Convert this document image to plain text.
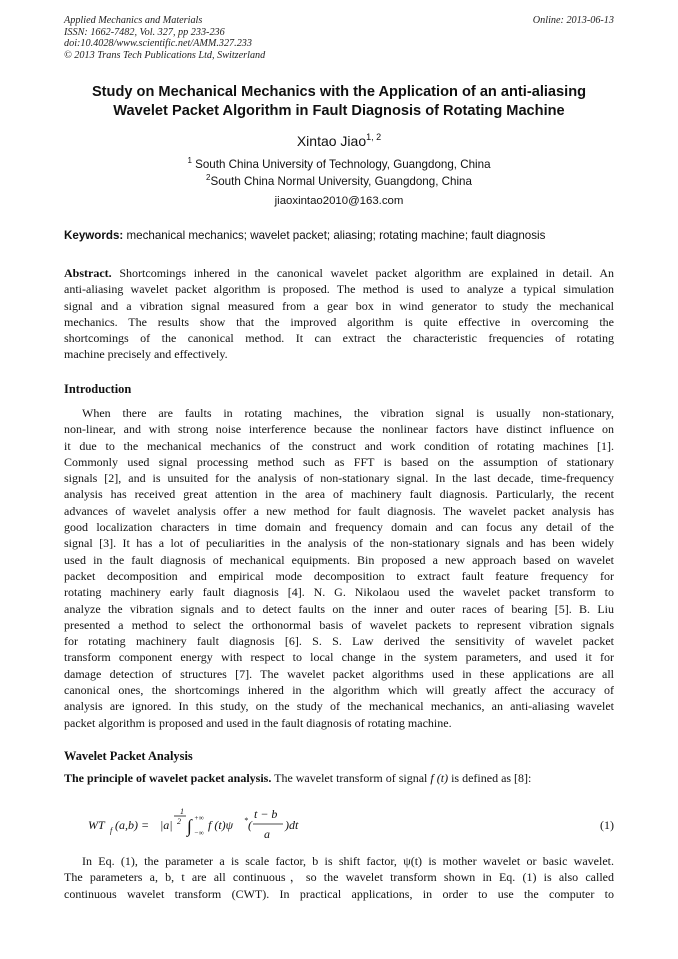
Applied Mechanics and Materials
ISSN: 1662-7482, Vol. 327, pp 233-236
doi:10.4028/www.scientific.net/AMM.327.233
© 2013 Trans Tech Publications Ltd, Switzerland
Online: 2013-06-13
Study on Mechanical Mechanics with the Application of an anti-aliasing
Wavelet Packet Algorithm in Fault Diagnosis of Rotating Machine
Xintao Jiao$^{1, 2}$
$^1$ South China University of Technology, Guangdong, China
$^2$South China Normal University, Guangdong, China
jiaoxintao2010@163.com
Keywords: mechanical mechanics; wavelet packet; aliasing; rotating machine; fault diagnosis
Abstract. Shortcomings inhered in the canonical wavelet packet algorithm are explained in detail. An
anti-aliasing wavelet packet algorithm is proposed. The method is used to analyze a typical simulation
signal and a vibration signal measured from a gear box in wind generator to study the mechanical
mechanics. The results show that the improved algorithm is quite effective in overcoming the
shortcomings of the canonical method. It can extract the characteristic frequencies of rotating
machine precisely and effectively.
Introduction
When there are faults in rotating machines, the vibration signal is usually non-stationary,
non-linear, and with strong noise interference because the nonlinear factors have distinct influence on
it due to the mechanical mechanics of the construct and work condition of rotating machines [1].
Commonly used signal processing method such as FFT is based on the assumption of stationary
signals [2], and is unsuited for the analysis of non-stationary signal. In the last decade, time-frequency
analysis has received great attention in the area of machinery fault diagnosis. Particularly, the recent
advances of wavelet analysis offer a new method for fault diagnosis. The wavelet packet analysis has
good localization characters in time domain and frequency domain and can focus any detail of the
signal [3]. It has a lot of peculiarities in the analysis of the non-stationary signals and has been widely
used in the fault diagnosis of mechanical equipments. Bin proposed a new approach based on wavelet
packet decomposition and empirical mode decomposition to extract fault feature frequency for
rotating machinery early fault diagnosis [4]. N. G. Nikolaou used the wavelet packet transform to
analyze the vibration signals and to detect faults on the inner and outer races of bearing [5]. B. Liu
presented a method to select the orthonormal basis of wavelet packets to represent vibration signals
for rotating machinery fault diagnosis [6]. S. S. Law derived the sensitivity of wavelet packet
transform component energy with respect to local change in the system parameters, and used it for
damage detection of structures [7]. The wavelet packet algorithms used in these applications are all
canonical ones, the shortcomings inhered in the algorithm which will greatly affect the accuracy of
analysis are ignored. In this study, on the study of the mechanical mechanics, an anti-aliasing wavelet
packet algorithm is proposed and used in the fault diagnosis of rotating machine.
Wavelet Packet Analysis
The principle of wavelet packet analysis. The wavelet transform of signal f (t) is defined as [8]:
WT f (a,b) = |a|
1
2 ∫ +∞
−∞
f (t)ψ * (
t − b
a
)dt	(1)
In Eq. (1), the parameter a is scale factor, b is shift factor, ψ(t) is mother wavelet or basic wavelet.
The parameters a, b, t are all continuous，so the wavelet transform shown in Eq. (1) is also called
continuous wavelet transform (CWT). In practical applications, in order to use the computer to
